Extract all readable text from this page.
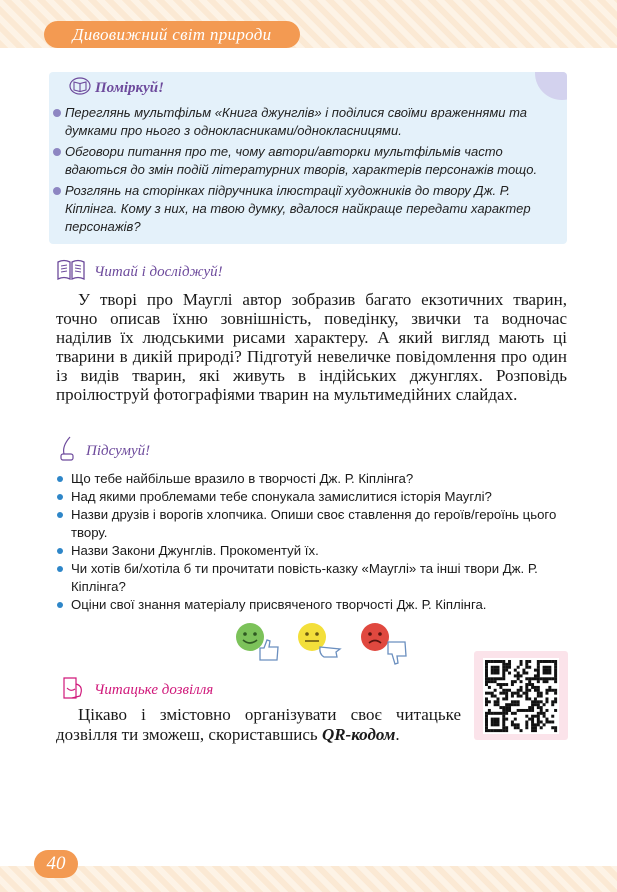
Дивовижний світ природи
Поміркуй!
Переглянь мультфільм «Книга джунглів» і поділися своїми враженнями та думками про нього з однокласниками/однокласницями.
Обговори питання про те, чому автори/авторки мультфільмів часто вдаються до змін подій літературних творів, характерів персонажів тощо.
Розглянь на сторінках підручника ілюстрації художників до твору Дж. Р. Кіплінга. Кому з них, на твою думку, вдалося найкраще передати характер персонажів?
Читай і досліджуй!
У творі про Мауглі автор зобразив багато екзотичних тварин, точно описав їхню зовнішність, поведінку, звички та водночас наділив їх людськими рисами характеру. А який вигляд мають ці тварини в дикій природі? Підготуй невеличке повідомлення про один із видів тварин, які живуть в індійських джунглях. Розповідь проілюструй фотографіями тварин на мультимедійних слайдах.
Підсумуй!
Що тебе найбільше вразило в творчості Дж. Р. Кіплінга?
Над якими проблемами тебе спонукала замислитися історія Мауглі?
Назви друзів і ворогів хлопчика. Опиши своє ставлення до героїв/героїнь цього твору.
Назви Закони Джунглів. Прокоментуй їх.
Чи хотів би/хотіла б ти прочитати повість-казку «Мауглі» та інші твори Дж. Р. Кіплінга?
Оціни свої знання матеріалу присвяченого творчості Дж. Р. Кіплінга.
Читацьке дозвілля
Цікаво і змістовно організувати своє читацьке дозвілля ти зможеш, скориставшись QR-кодом.
40
